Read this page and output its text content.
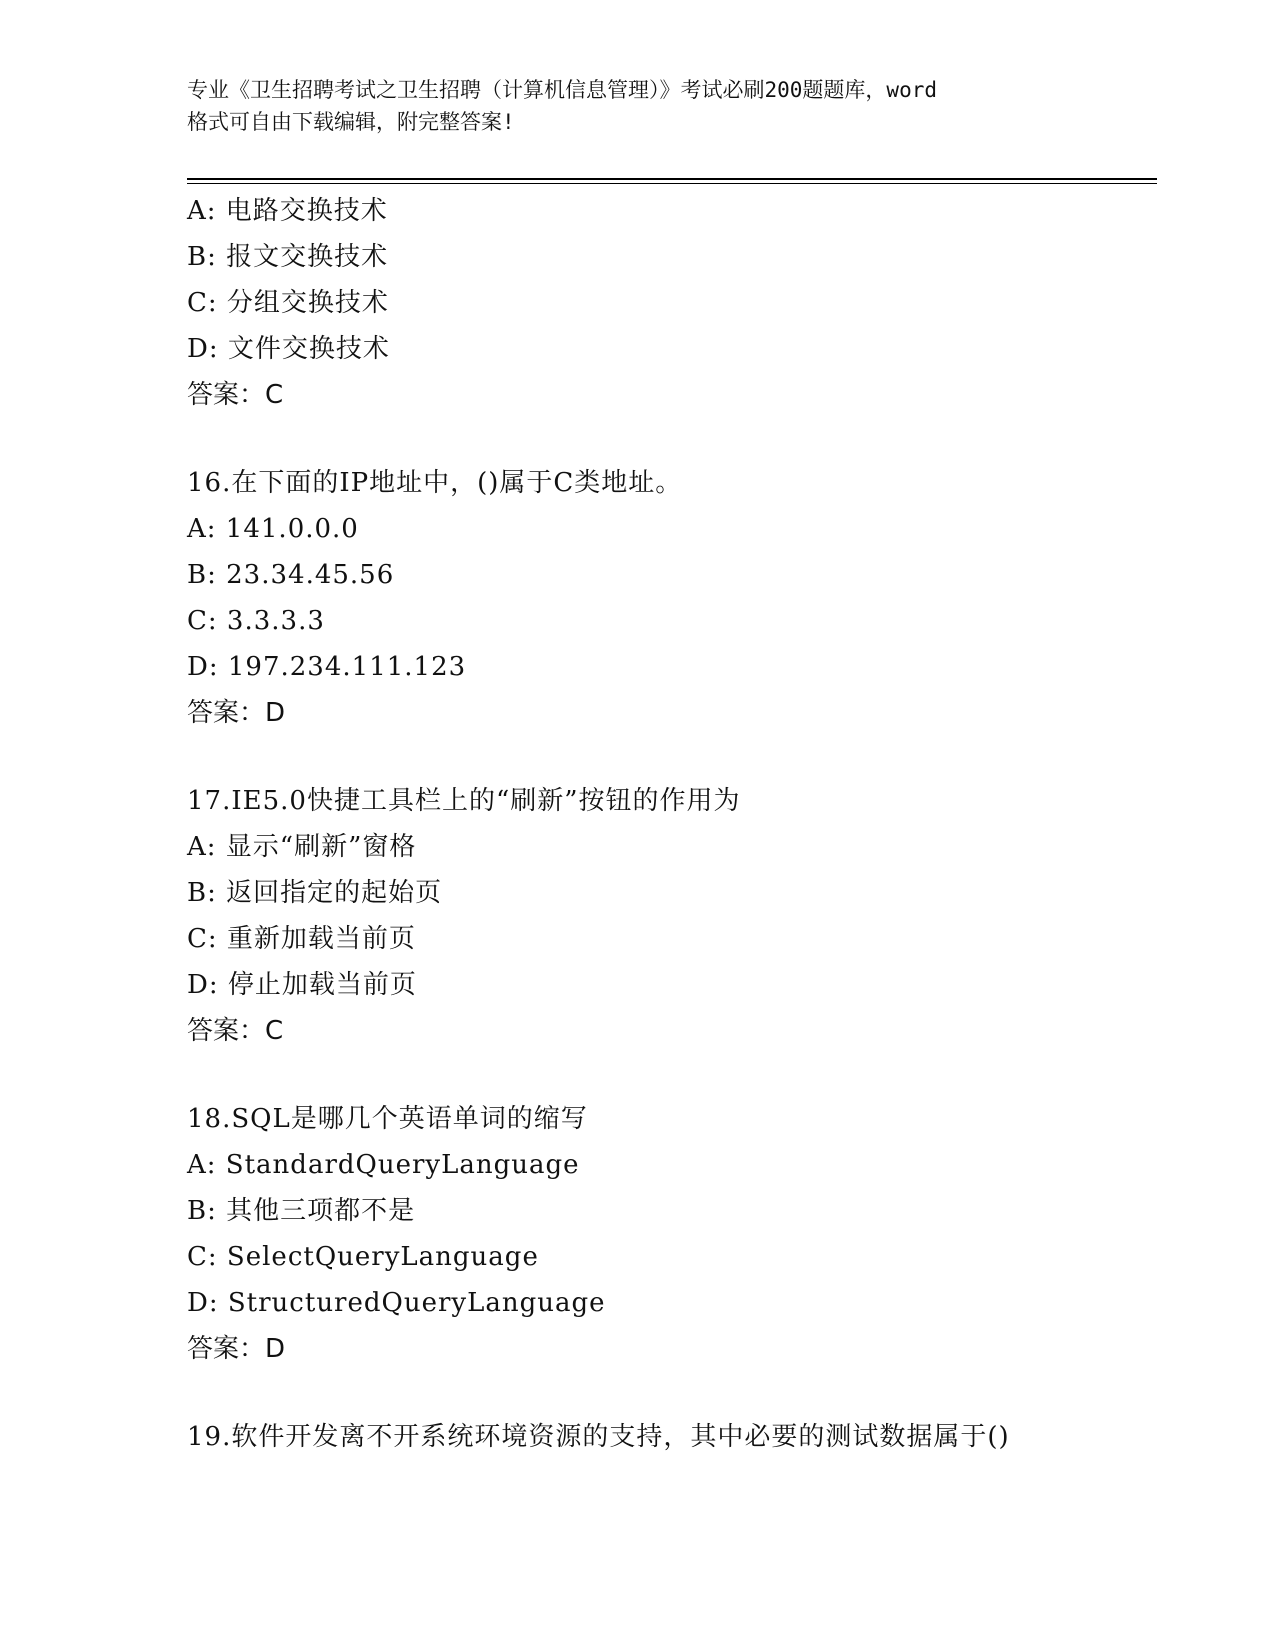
专业《卫生招聘考试之卫生招聘（计算机信息管理）》考试必刷200题题库，word
格式可自由下载编辑，附完整答案!
A: 电路交换技术
B: 报文交换技术
C: 分组交换技术
D: 文件交换技术
答案：C
16.在下面的IP地址中，()属于C类地址。
A: 141.0.0.0
B: 23.34.45.56
C: 3.3.3.3
D: 197.234.111.123
答案：D
17.IE5.0快捷工具栏上的“刷新”按钮的作用为
A: 显示“刷新”窗格
B: 返回指定的起始页
C: 重新加载当前页
D: 停止加载当前页
答案：C
18.SQL是哪几个英语单词的缩写
A: StandardQueryLanguage
B: 其他三项都不是
C: SelectQueryLanguage
D: StructuredQueryLanguage
答案：D
19.软件开发离不开系统环境资源的支持，其中必要的测试数据属于()
